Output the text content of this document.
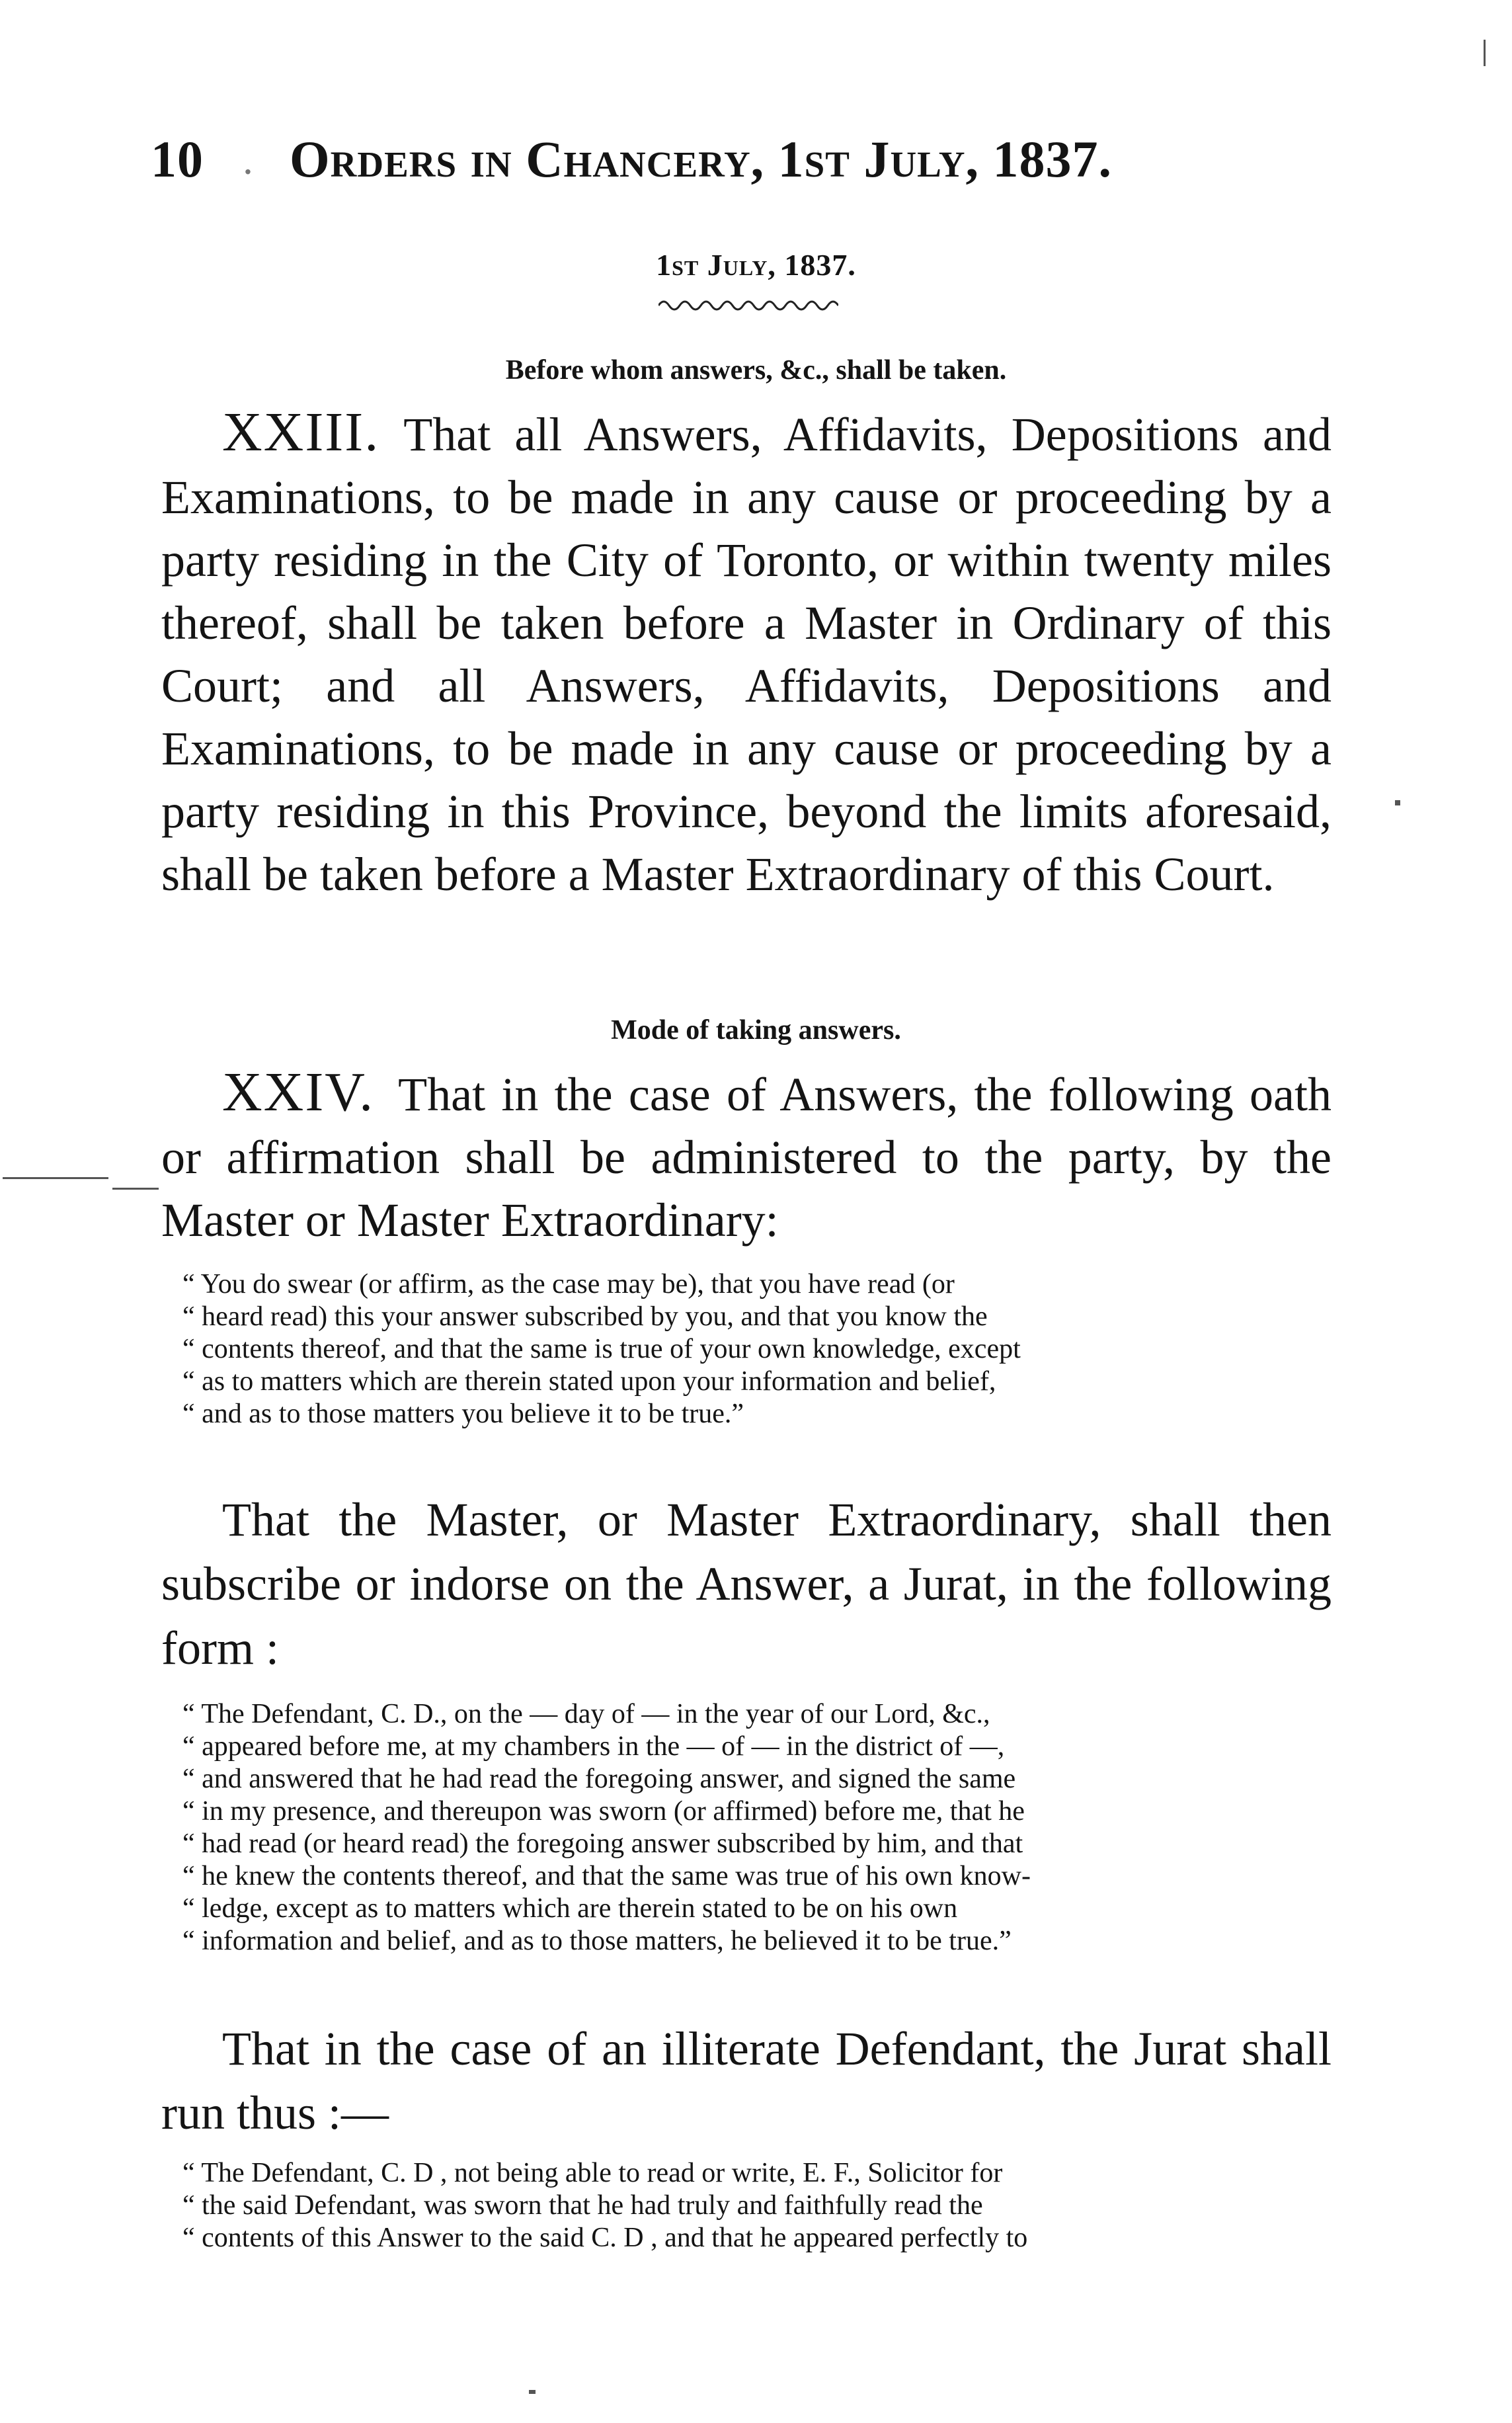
10 ․ Orders in Chancery, 1st July, 1837.
1st July, 1837.
Before whom answers, &c., shall be taken.
XXIII. That all Answers, Affidavits, Depositions and Examinations, to be made in any cause or proceeding by a party residing in the City of Toronto, or within twenty miles thereof, shall be taken before a Master in Ordinary of this Court; and all Answers, Affidavits, Depositions and Examinations, to be made in any cause or proceeding by a party residing in this Province, beyond the limits aforesaid, shall be taken before a Master Extraordinary of this Court.
Mode of taking answers.
XXIV. That in the case of Answers, the following oath or affirmation shall be administered to the party, by the Master or Master Extraordinary:
“ You do swear (or affirm, as the case may be), that you have read (or
“ heard read) this your answer subscribed by you, and that you know the
“ contents thereof, and that the same is true of your own knowledge, except
“ as to matters which are therein stated upon your information and belief,
“ and as to those matters you believe it to be true.”
That the Master, or Master Extraordinary, shall then subscribe or indorse on the Answer, a Jurat, in the following form :
“ The Defendant, C. D., on the — day of — in the year of our Lord, &c.,
“ appeared before me, at my chambers in the — of — in the district of —,
“ and answered that he had read the foregoing answer, and signed the same
“ in my presence, and thereupon was sworn (or affirmed) before me, that he
“ had read (or heard read) the foregoing answer subscribed by him, and that
“ he knew the contents thereof, and that the same was true of his own know-
“ ledge, except as to matters which are therein stated to be on his own
“ information and belief, and as to those matters, he believed it to be true.”
That in the case of an illiterate Defendant, the Jurat shall run thus :—
“ The Defendant, C. D , not being able to read or write, E. F., Solicitor for
“ the said Defendant, was sworn that he had truly and faithfully read the
“ contents of this Answer to the said C. D , and that he appeared perfectly to
